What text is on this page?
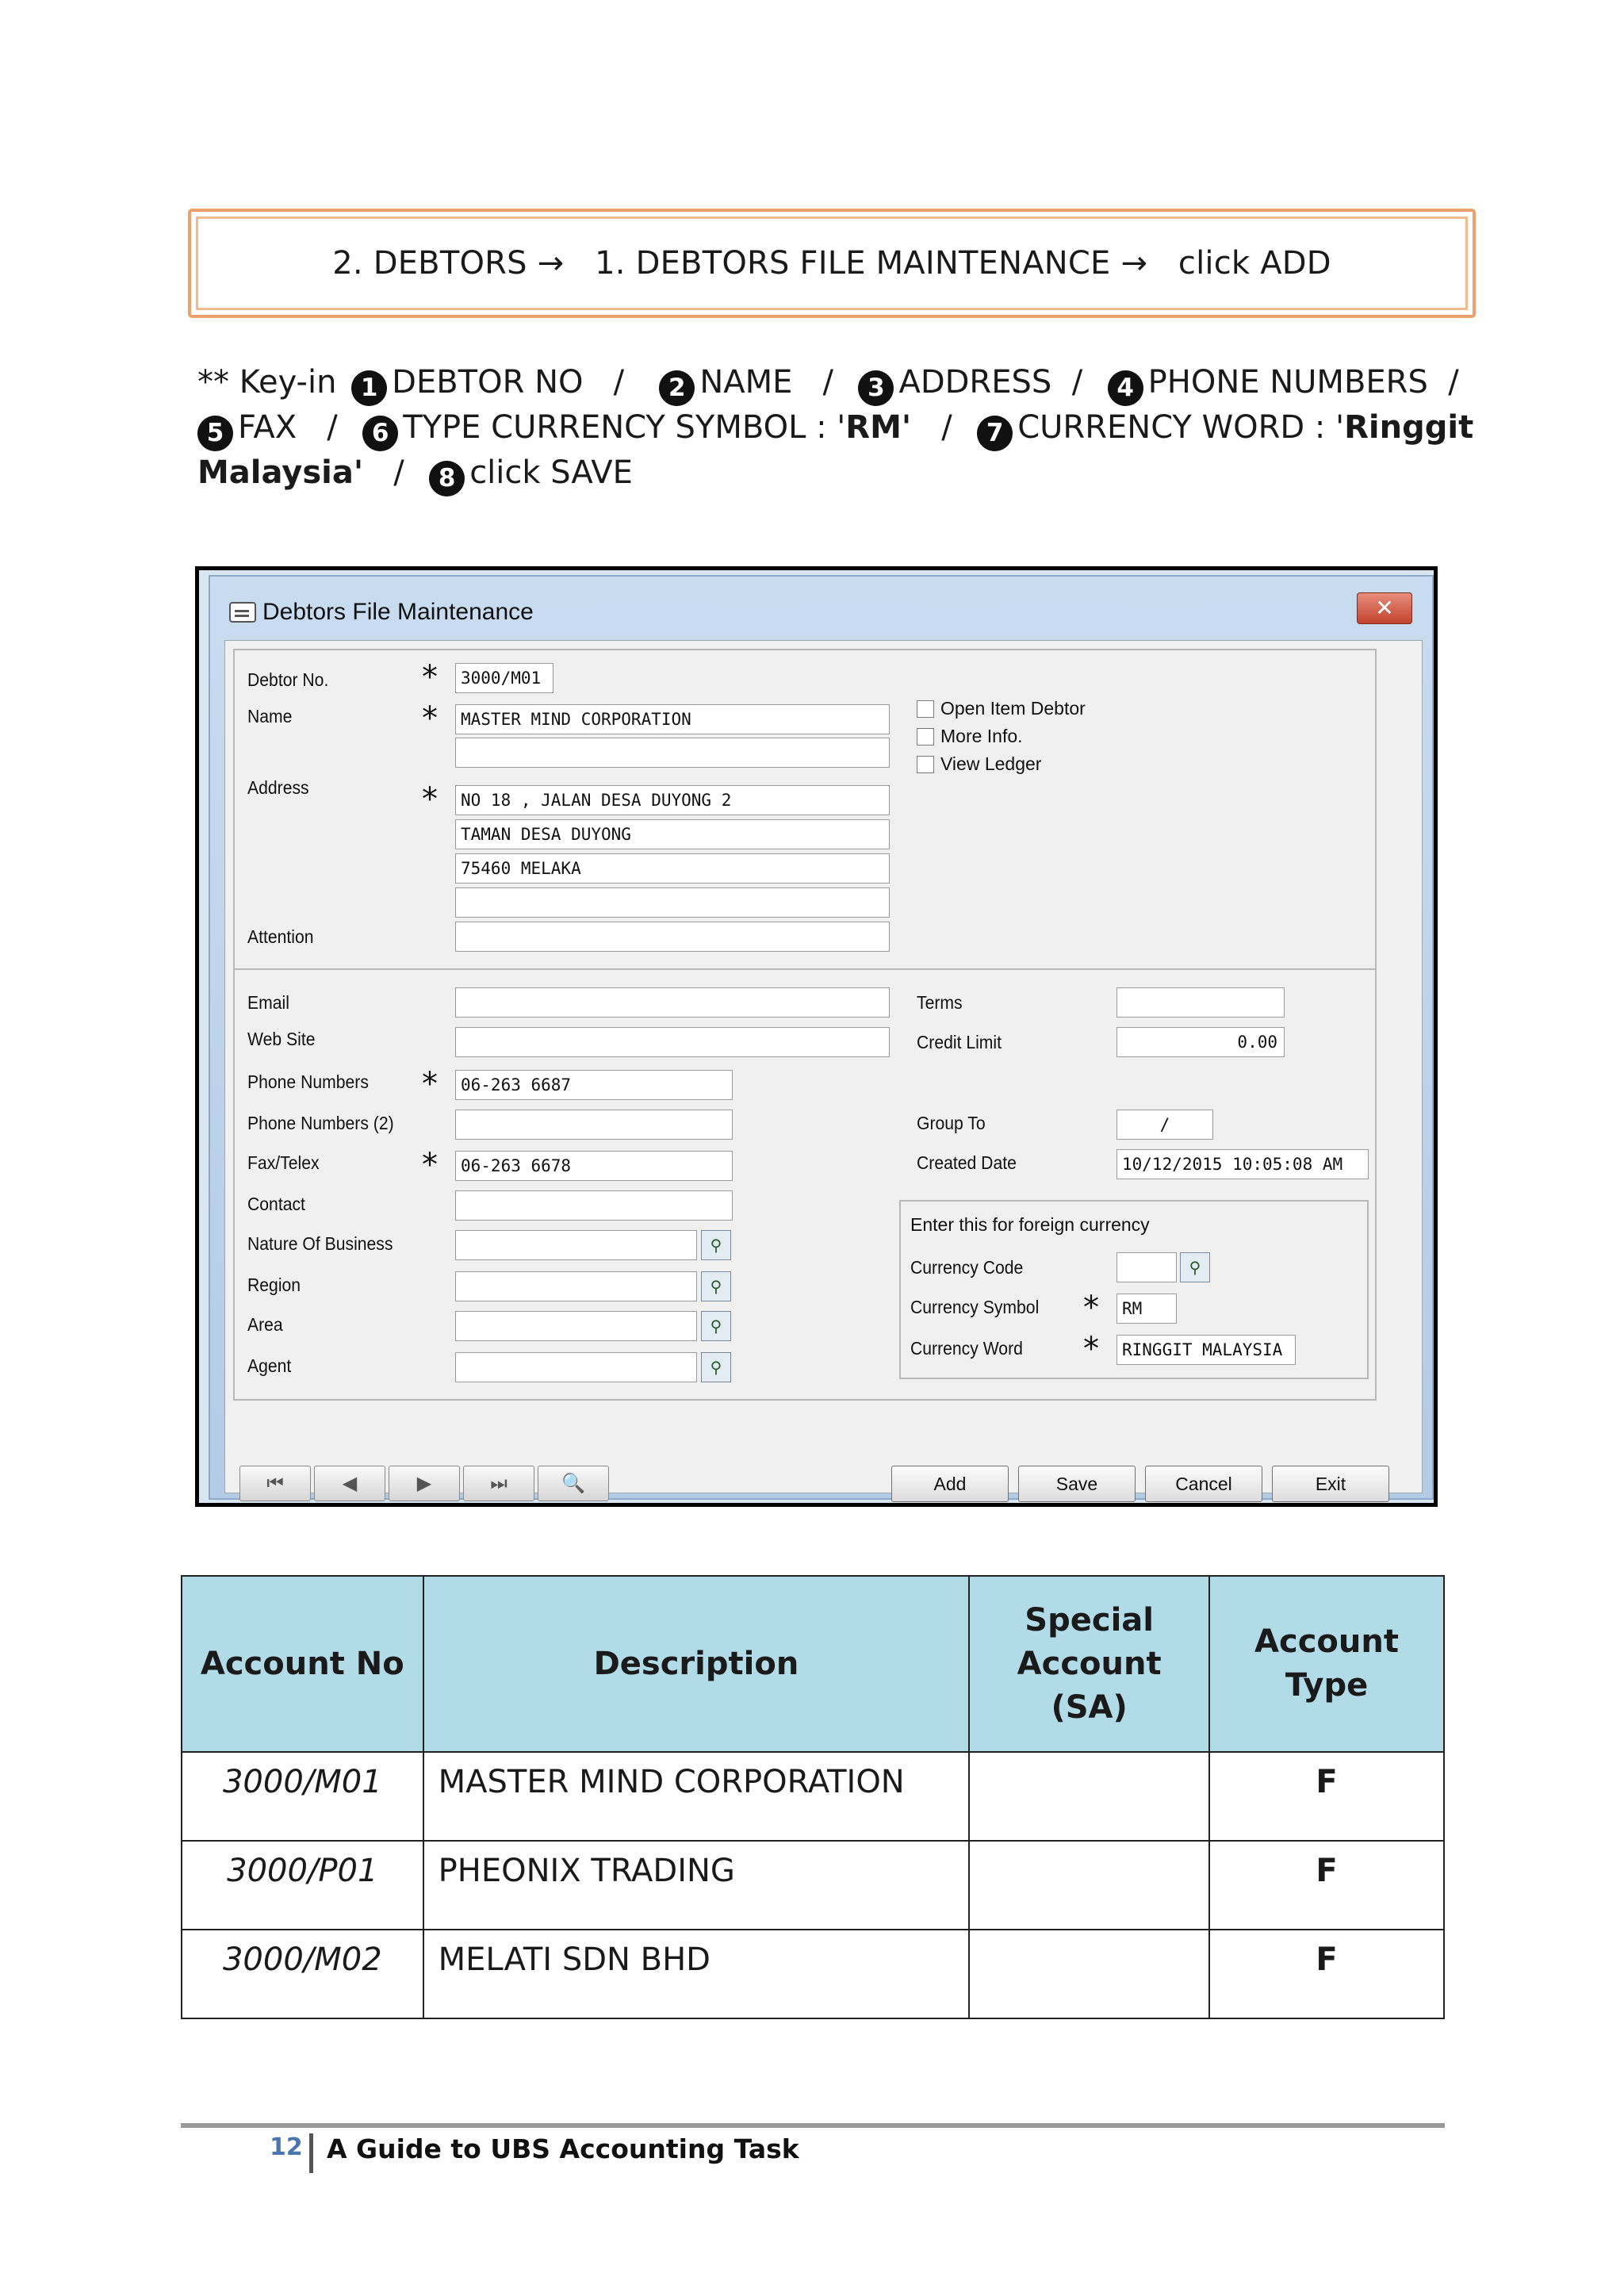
2. DEBTORS
→
1. DEBTORS FILE MAINTENANCE
→
click ADD
** Key-in 1 DEBTOR NO / 2 NAME / 3 ADDRESS / 4 PHONE NUMBERS /
5 FAX / 6 TYPE CURRENCY SYMBOL : 'RM' / 7 CURRENCY WORD : 'Ringgit Malaysia' / 8 click SAVE
Debtors File Maintenance	✕
Debtor No.	*	3000/M01
Name	*	MASTER MIND CORPORATION
Address	*	NO 18 , JALAN DESA DUYONG 2
TAMAN DESA DUYONG
75460 MELAKA
Attention
Open Item Debtor
More Info.
View Ledger
Email
Web Site
Phone Numbers *	06-263 6687
Phone Numbers (2)
Fax/Telex	*	06-263 6678
Contact
Nature Of Business	⚲
Region	⚲
Area	⚲
Agent	⚲
Terms
Credit Limit	0.00
Group To	/
Created Date	10/12/2015 10:05:08 AM
Enter this for foreign currency
Currency Code	⚲
Currency Symbol *	RM
Currency Word *	RINGGIT MALAYSIA
⏮	◀	▶	⏭	🔍	Add	Save	Cancel	Exit
Account No	Description	Special Account (SA)	Account Type
3000/M01	MASTER MIND CORPORATION		F
3000/P01	PHEONIX TRADING		F
3000/M02	MELATI SDN BHD		F
12 A Guide to UBS Accounting Task
